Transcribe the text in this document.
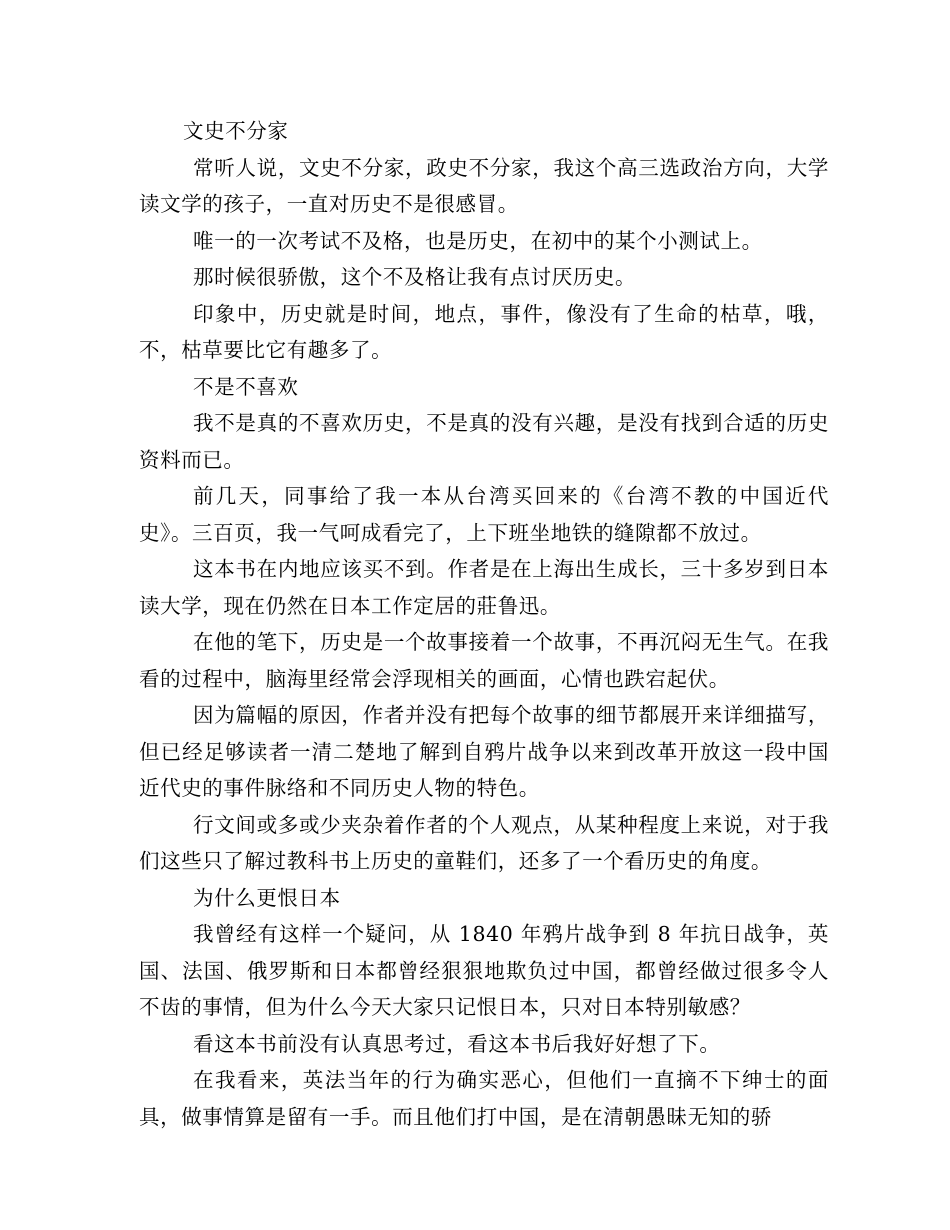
文史不分家

常听人说，文史不分家，政史不分家，我这个高三选政治方向，大学读文学的孩子，一直对历史不是很感冒。

唯一的一次考试不及格，也是历史，在初中的某个小测试上。

那时候很骄傲，这个不及格让我有点讨厌历史。

印象中，历史就是时间，地点，事件，像没有了生命的枯草，哦，不，枯草要比它有趣多了。

不是不喜欢

我不是真的不喜欢历史，不是真的没有兴趣，是没有找到合适的历史资料而已。

前几天，同事给了我一本从台湾买回来的《台湾不教的中国近代史》。三百页，我一气呵成看完了，上下班坐地铁的缝隙都不放过。

这本书在内地应该买不到。作者是在上海出生成长，三十多岁到日本读大学，现在仍然在日本工作定居的莊鲁迅。

在他的笔下，历史是一个故事接着一个故事，不再沉闷无生气。在我看的过程中，脑海里经常会浮现相关的画面，心情也跌宕起伏。

因为篇幅的原因，作者并没有把每个故事的细节都展开来详细描写，但已经足够读者一清二楚地了解到自鸦片战争以来到改革开放这一段中国近代史的事件脉络和不同历史人物的特色。

行文间或多或少夹杂着作者的个人观点，从某种程度上来说，对于我们这些只了解过教科书上历史的童鞋们，还多了一个看历史的角度。

为什么更恨日本

我曾经有这样一个疑问，从 1840 年鸦片战争到 8 年抗日战争，英国、法国、俄罗斯和日本都曾经狠狠地欺负过中国，都曾经做过很多令人不齿的事情，但为什么今天大家只记恨日本，只对日本特别敏感？

看这本书前没有认真思考过，看这本书后我好好想了下。

在我看来，英法当年的行为确实恶心，但他们一直摘不下绅士的面具，做事情算是留有一手。而且他们打中国，是在清朝愚昧无知的骄
